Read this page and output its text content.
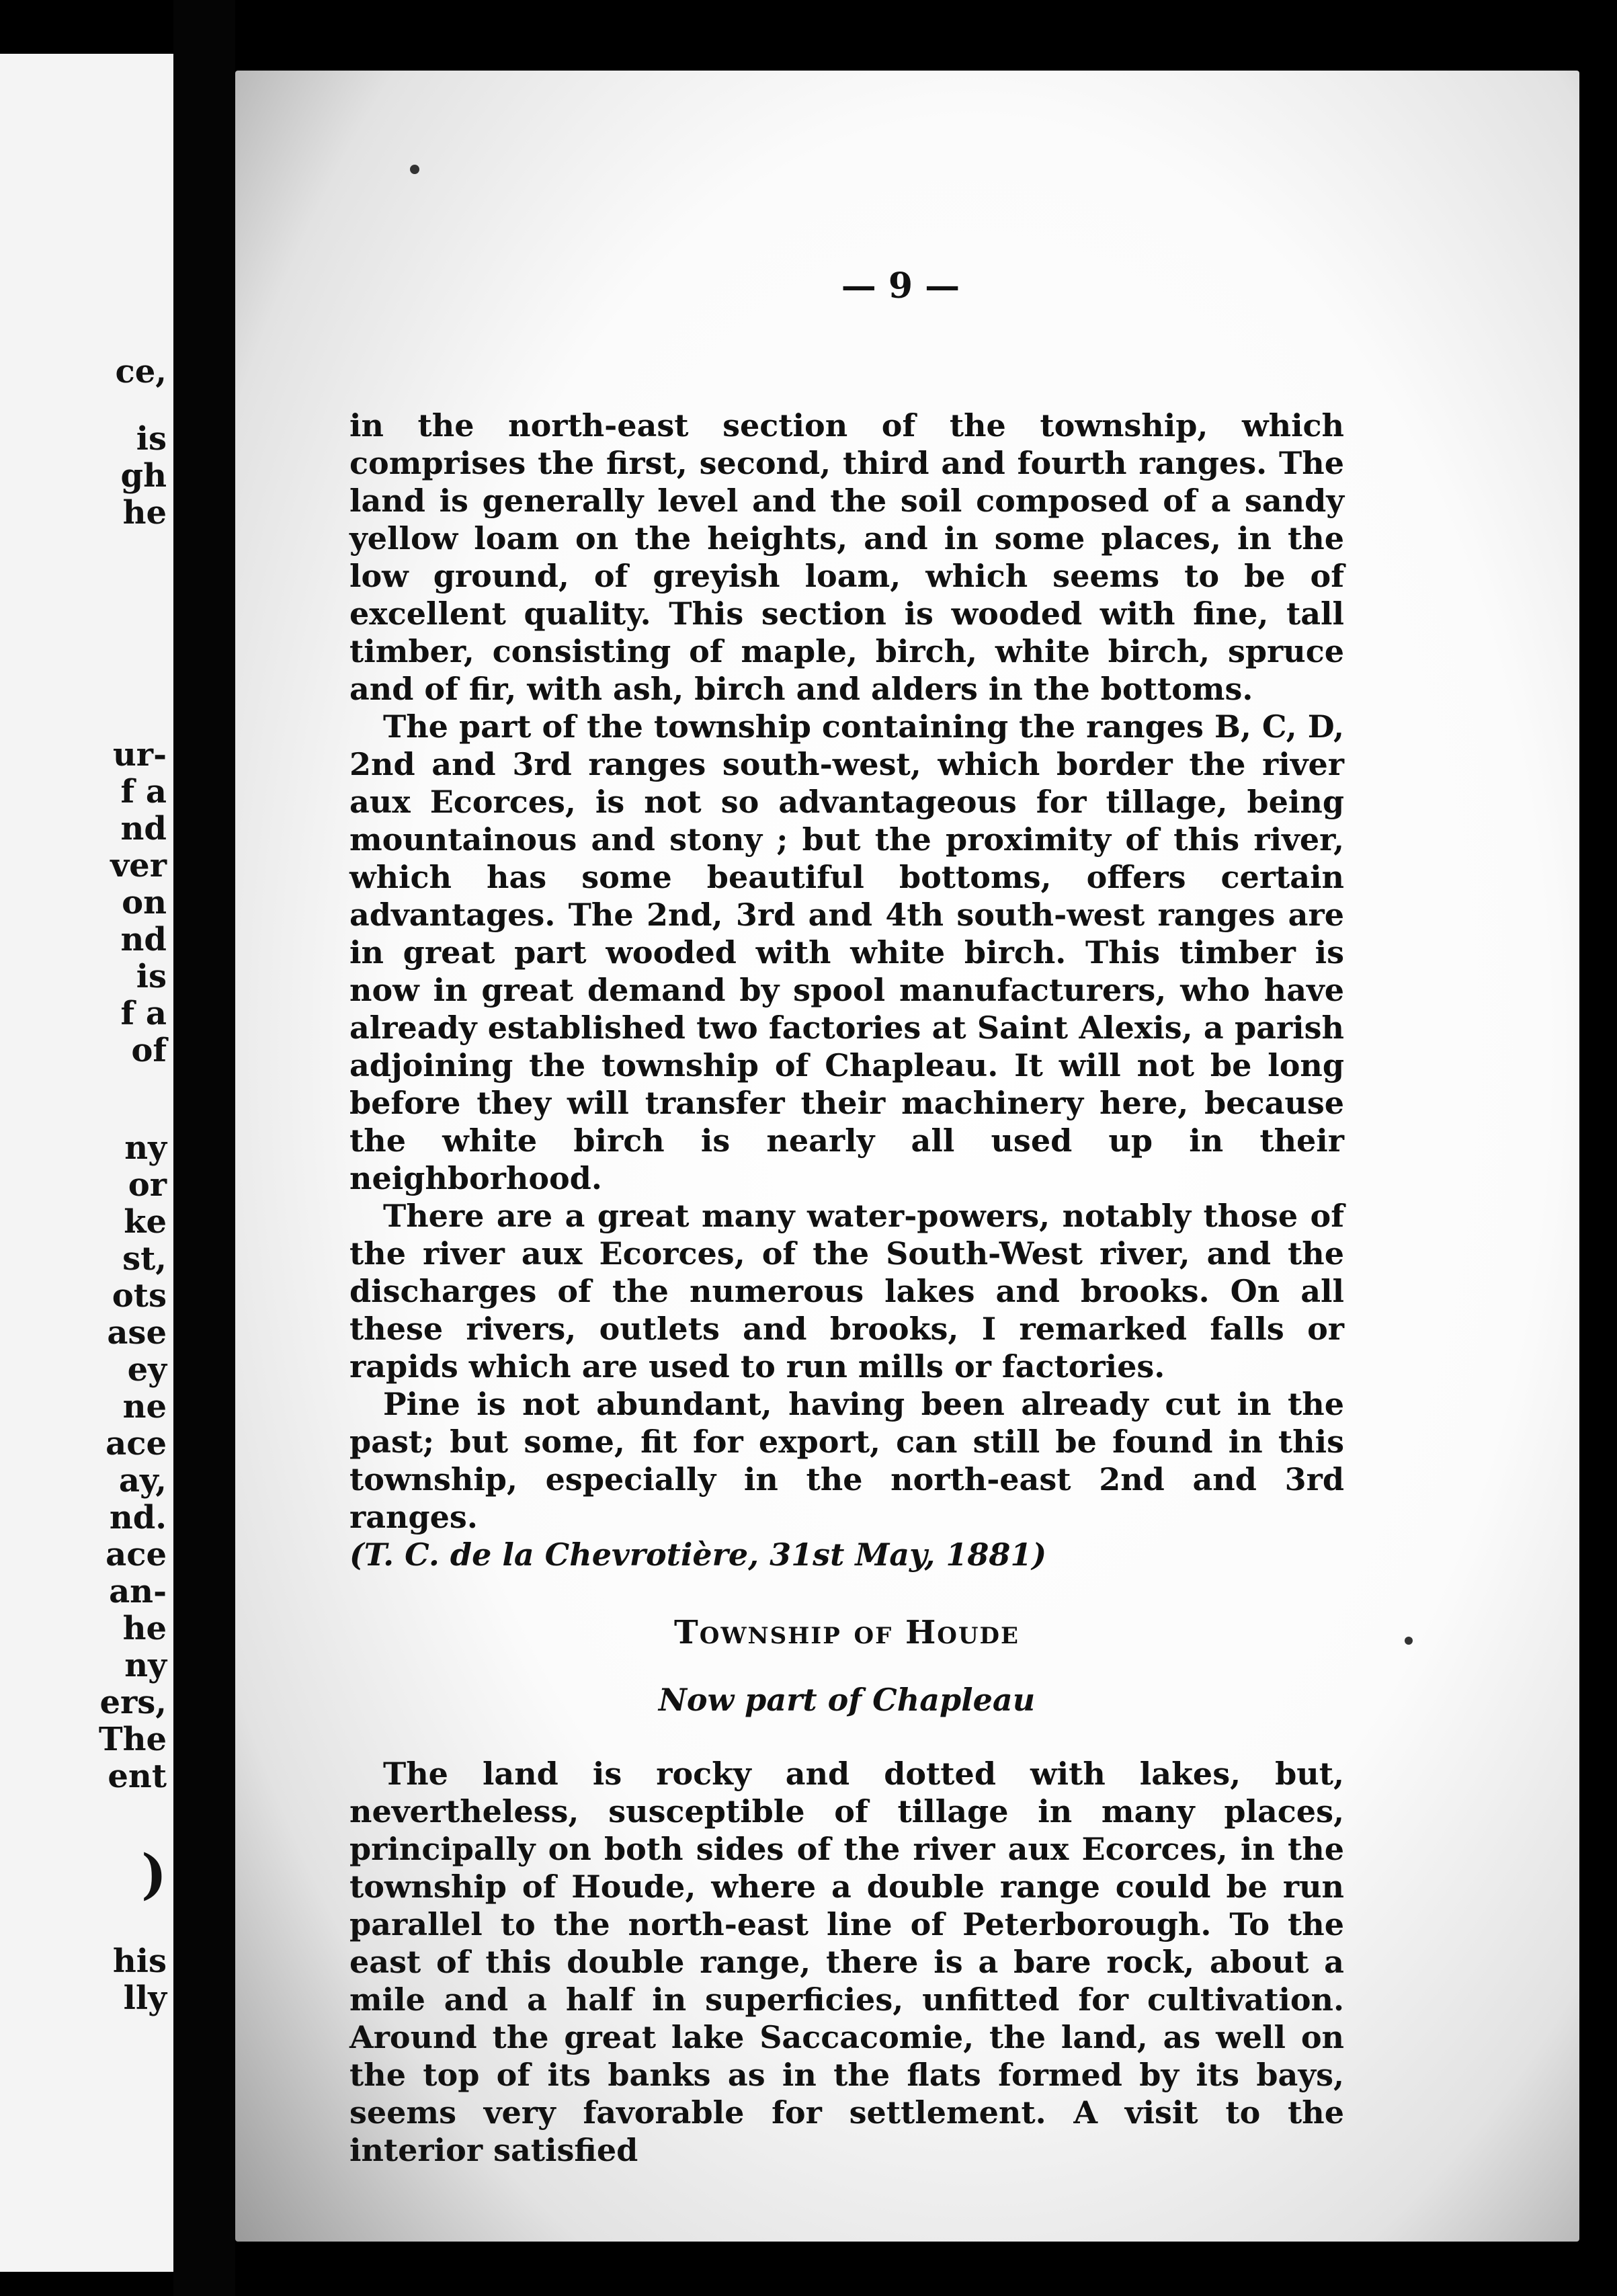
ce,
is
gh
he
ur-
f a
nd
ver
on
nd
is
f a
of
ny
or
ke
st,
ots
ase
ey
ne
ace
ay,
nd.
ace
an-
he
ny
ers,
The
ent
)
his
lly
— 9 —

in the north-east section of the township, which comprises the first, second, third and fourth ranges. The land is generally level and the soil composed of a sandy yellow loam on the heights, and in some places, in the low ground, of greyish loam, which seems to be of excellent quality. This section is wooded with fine, tall timber, consisting of maple, birch, white birch, spruce and of fir, with ash, birch and alders in the bottoms.

The part of the township containing the ranges B, C, D, 2nd and 3rd ranges south-west, which border the river aux Ecorces, is not so advantageous for tillage, being mountainous and stony ; but the proximity of this river, which has some beautiful bottoms, offers certain advantages. The 2nd, 3rd and 4th south-west ranges are in great part wooded with white birch. This timber is now in great demand by spool manufacturers, who have already established two factories at Saint Alexis, a parish adjoining the township of Chapleau. It will not be long before they will transfer their machinery here, because the white birch is nearly all used up in their neighborhood.

There are a great many water-powers, notably those of the river aux Ecorces, of the South-West river, and the discharges of the numerous lakes and brooks. On all these rivers, outlets and brooks, I remarked falls or rapids which are used to run mills or factories.

Pine is not abundant, having been already cut in the past; but some, fit for export, can still be found in this township, especially in the north-east 2nd and 3rd ranges.

(T. C. de la Chevrotière, 31st May, 1881)

Township of Houde
Now part of Chapleau

The land is rocky and dotted with lakes, but, nevertheless, susceptible of tillage in many places, principally on both sides of the river aux Ecorces, in the township of Houde, where a double range could be run parallel to the north-east line of Peterborough. To the east of this double range, there is a bare rock, about a mile and a half in superficies, unfitted for cultivation. Around the great lake Saccacomie, the land, as well on the top of its banks as in the flats formed by its bays, seems very favorable for settlement. A visit to the interior satisfied
